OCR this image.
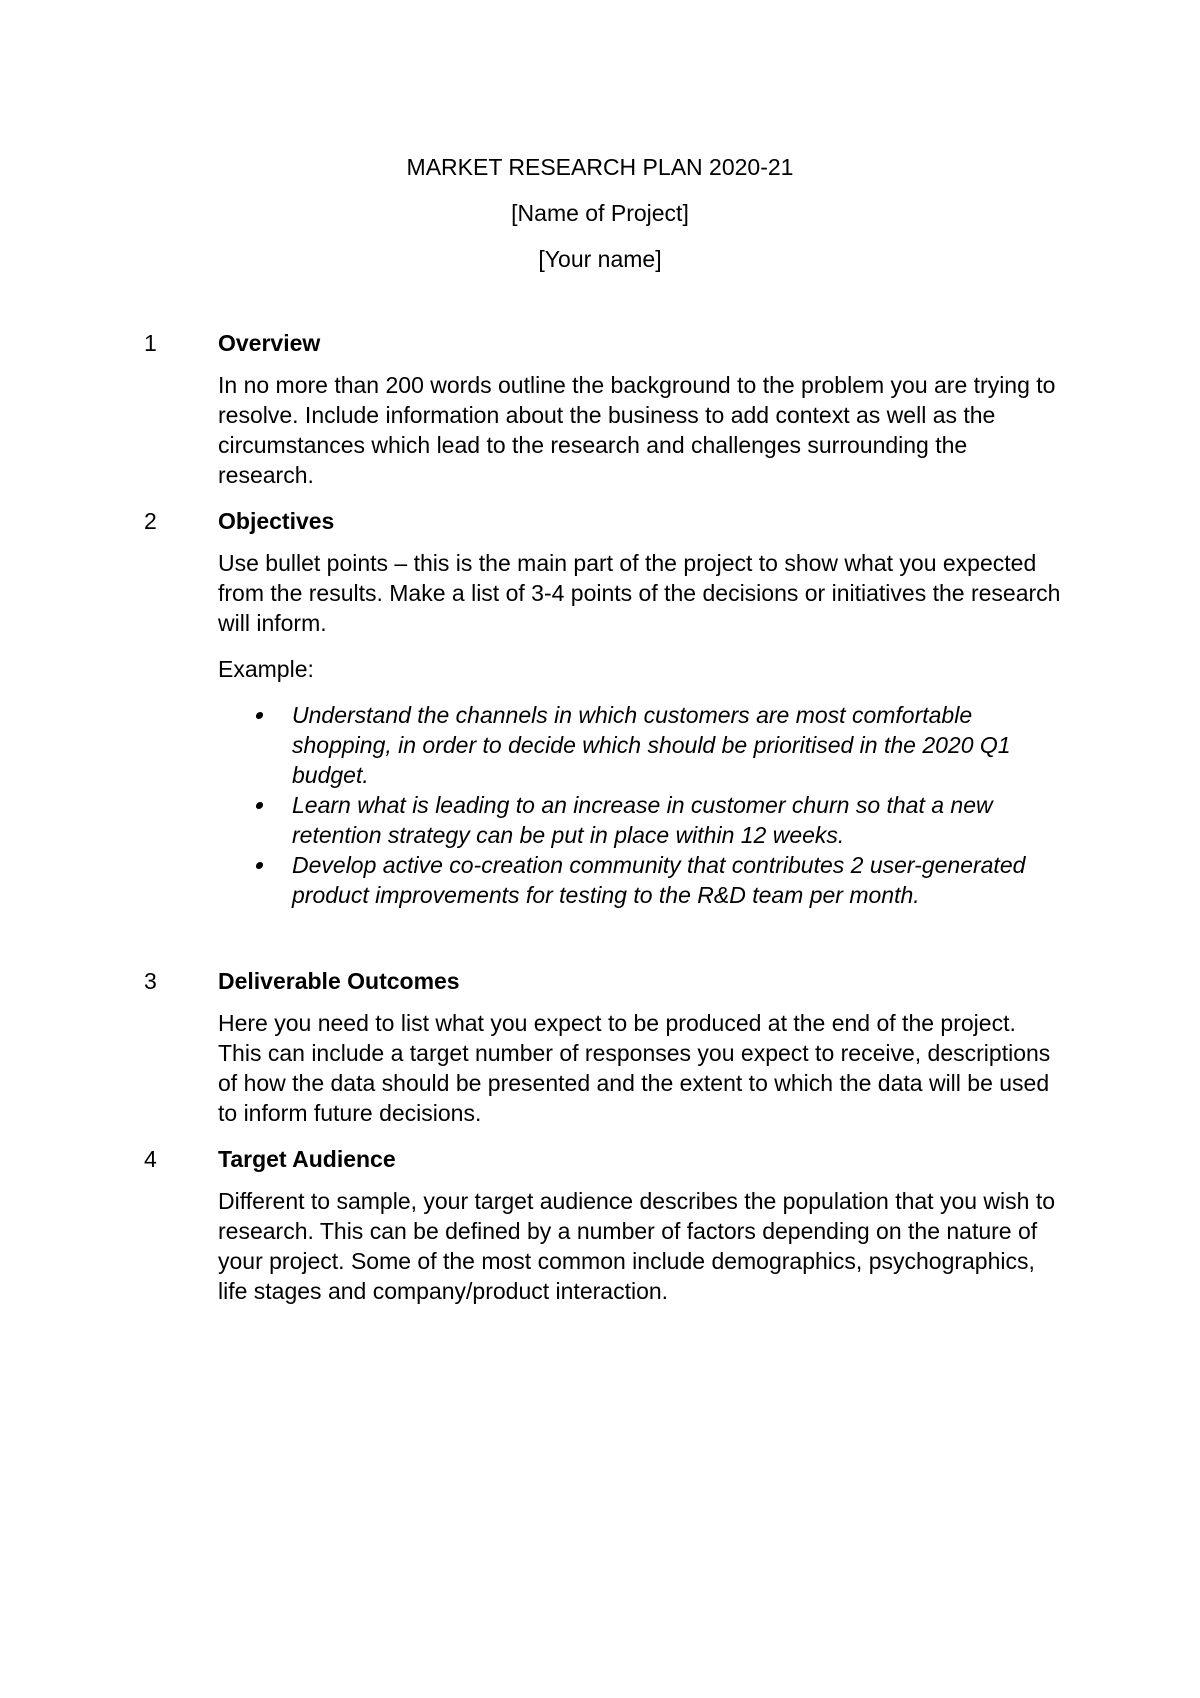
MARKET RESEARCH PLAN 2020-21
[Name of Project]
[Your name]
1	Overview

In no more than 200 words outline the background to the problem you are trying to resolve. Include information about the business to add context as well as the circumstances which lead to the research and challenges surrounding the research.

2	Objectives

Use bullet points – this is the main part of the project to show what you expected from the results. Make a list of 3-4 points of the decisions or initiatives the research will inform.

Example:

Understand the channels in which customers are most comfortable shopping, in order to decide which should be prioritised in the 2020 Q1 budget.
Learn what is leading to an increase in customer churn so that a new retention strategy can be put in place within 12 weeks.
Develop active co-creation community that contributes 2 user-generated product improvements for testing to the R&D team per month.
3	Deliverable Outcomes

Here you need to list what you expect to be produced at the end of the project. This can include a target number of responses you expect to receive, descriptions of how the data should be presented and the extent to which the data will be used to inform future decisions.

4	Target Audience

Different to sample, your target audience describes the population that you wish to research. This can be defined by a number of factors depending on the nature of your project. Some of the most common include demographics, psychographics, life stages and company/product interaction.
